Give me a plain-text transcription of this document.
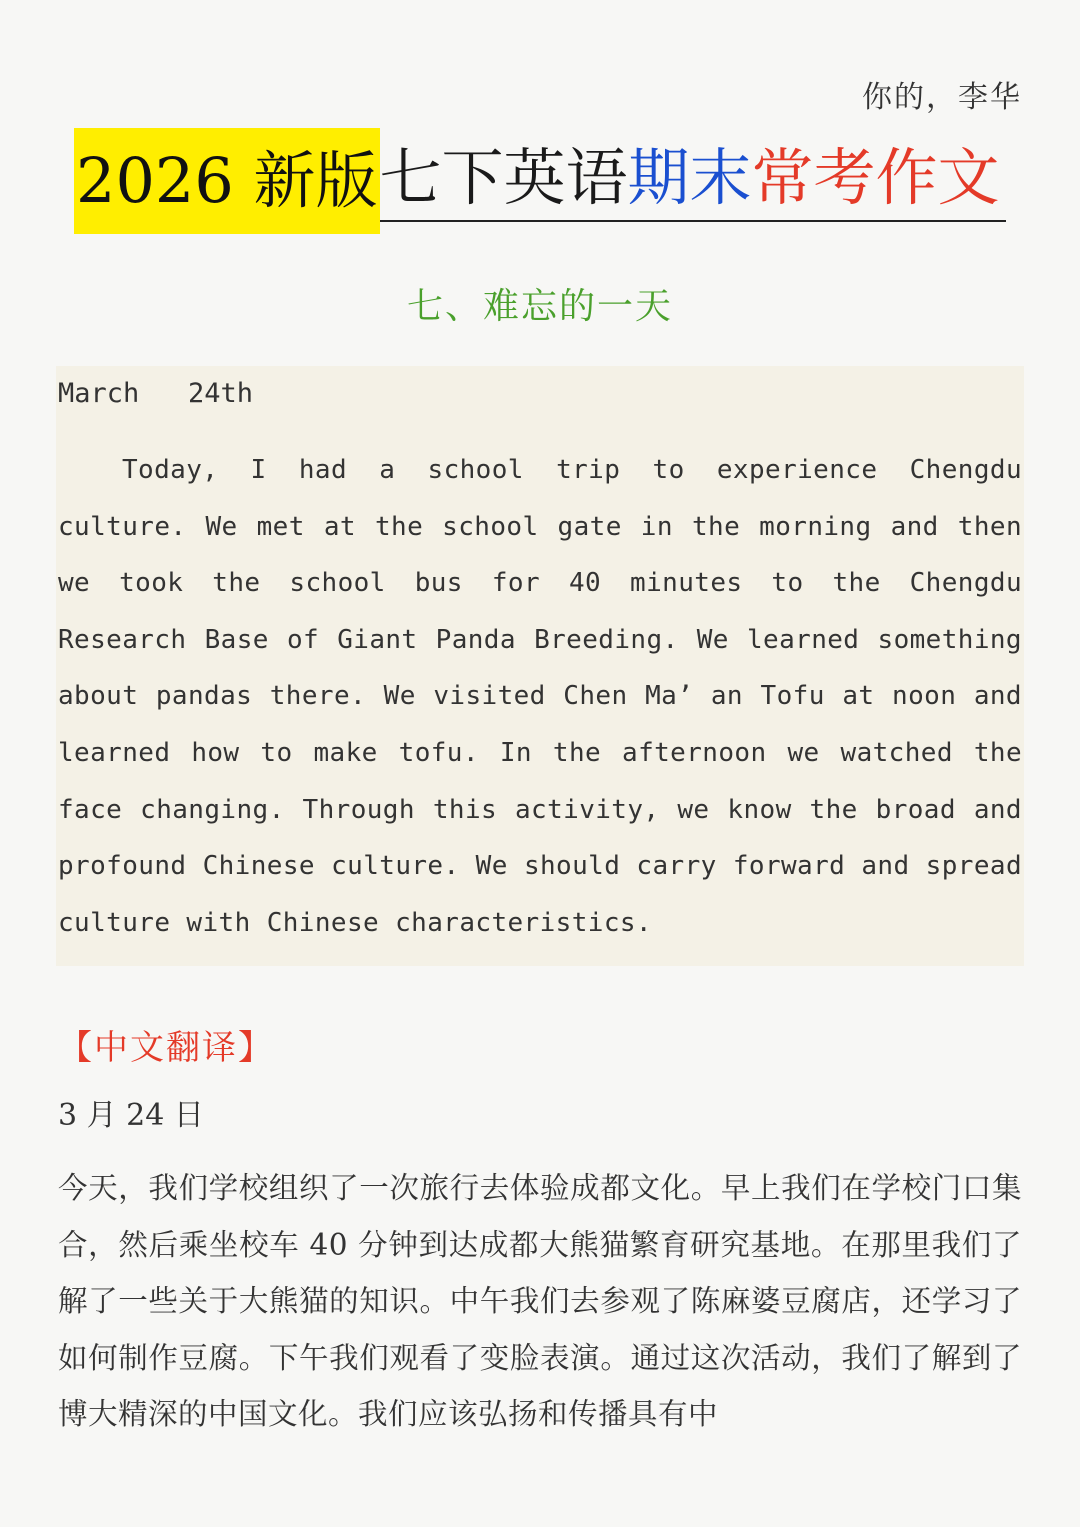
你的，李华
2026 新版七下英语期末常考作文
七、难忘的一天
March   24th

Today, I had a school trip to experience Chengdu culture. We met at the school gate in the morning and then we took the school bus for 40 minutes to the Chengdu Research Base of Giant Panda Breeding. We learned something about pandas there. We visited Chen Ma’ an Tofu at noon and learned how to make tofu. In the afternoon we watched the face changing. Through this activity, we know the broad and profound Chinese culture. We should carry forward and spread culture with Chinese characteristics.

【中文翻译】
3 月 24 日

今天，我们学校组织了一次旅行去体验成都文化。早上我们在学校门口集合，然后乘坐校车 40 分钟到达成都大熊猫繁育研究基地。在那里我们了解了一些关于大熊猫的知识。中午我们去参观了陈麻婆豆腐店，还学习了如何制作豆腐。下午我们观看了变脸表演。通过这次活动，我们了解到了博大精深的中国文化。我们应该弘扬和传播具有中
